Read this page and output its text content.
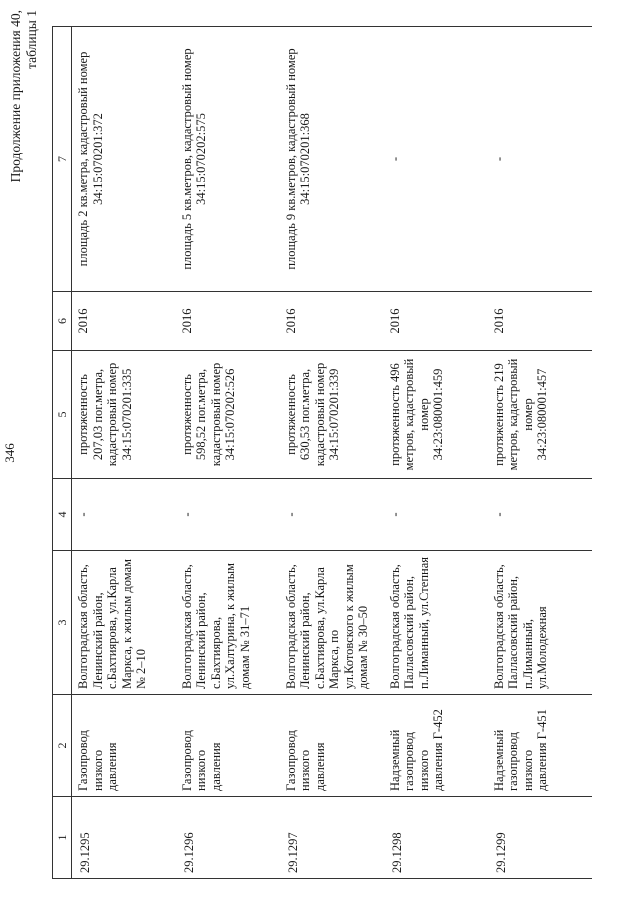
346
Продолжение приложения 40, таблицы 1
1	2	3	4	5	6	7
29.1295	Газопровод низкого давления	Волгоградская область, Ленинский район, с.Бахтиярова, ул.Карла Маркса, к жилым домам № 2–10	-	протяженность 207,03 пог.метра, кадастровый номер 34:15:070201:335	2016	площадь 2 кв.метра, кадастровый номер 34:15:070201:372
29.1296	Газопровод низкого давления	Волгоградская область, Ленинский район, с.Бахтиярова, ул.Халтурина, к жилым домам № 31–71	-	протяженность 598,52 пог.метра, кадастровый номер 34:15:070202:526	2016	площадь 5 кв.метров, кадастровый номер 34:15:070202:575
29.1297	Газопровод низкого давления	Волгоградская область, Ленинский район, с.Бахтиярова, ул.Карла Маркса, по ул.Котовского к жилым домам № 30–50	-	протяженность 630,53 пог.метра, кадастровый номер 34:15:070201:339	2016	площадь 9 кв.метров, кадастровый номер 34:15:070201:368
29.1298	Надземный газопровод низкого давления Г-452	Волгоградская область, Палласовский район, п.Лиманный, ул.Степная	-	протяженность 496 метров, кадастровый номер 34:23:080001:459	2016	-
29.1299	Надземный газопровод низкого давления Г-451	Волгоградская область, Палласовский район, п.Лиманный, ул.Молодежная	-	протяженность 219 метров, кадастровый номер 34:23:080001:457	2016	-
